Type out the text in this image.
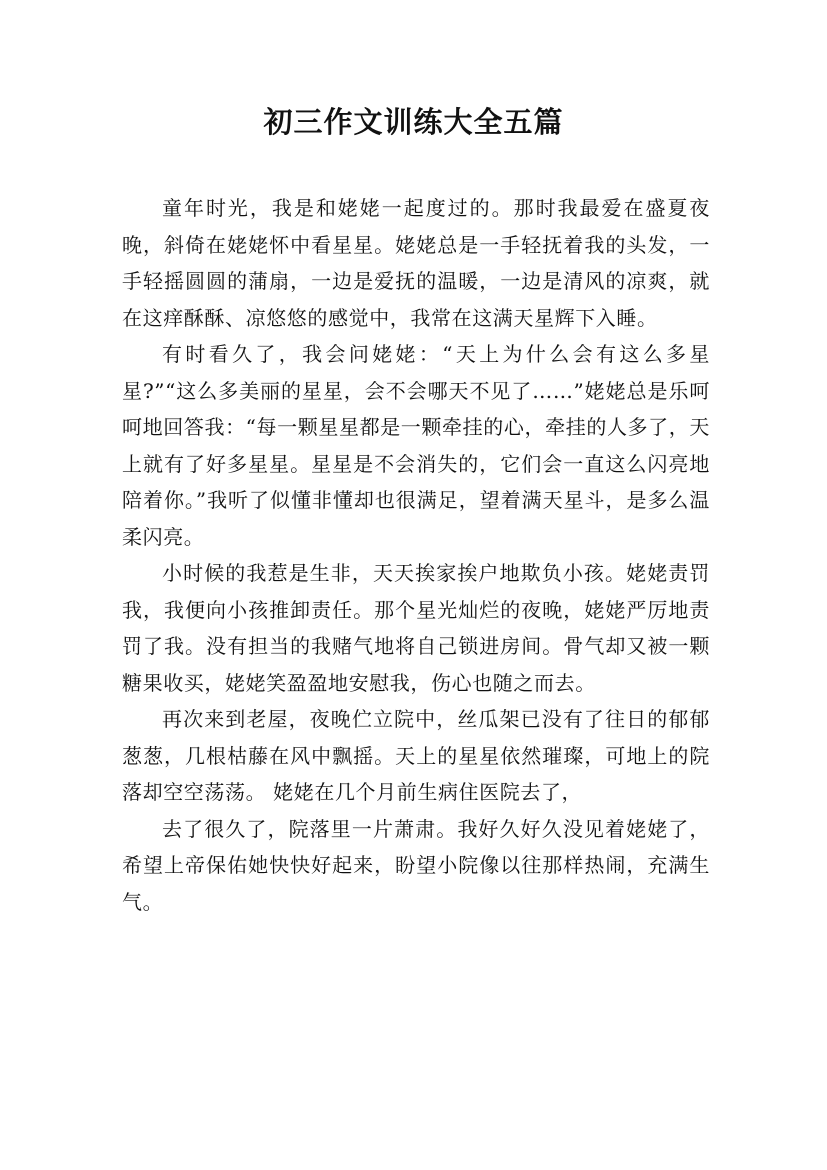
初三作文训练大全五篇

童年时光，我是和姥姥一起度过的。那时我最爱在盛夏夜晚，斜倚在姥姥怀中看星星。姥姥总是一手轻抚着我的头发，一手轻摇圆圆的蒲扇，一边是爱抚的温暖，一边是清风的凉爽，就在这痒酥酥、凉悠悠的感觉中，我常在这满天星辉下入睡。

有时看久了，我会问姥姥：“天上为什么会有这么多星星?”“这么多美丽的星星，会不会哪天不见了……”姥姥总是乐呵呵地回答我：“每一颗星星都是一颗牵挂的心，牵挂的人多了，天上就有了好多星星。星星是不会消失的，它们会一直这么闪亮地陪着你。”我听了似懂非懂却也很满足，望着满天星斗，是多么温柔闪亮。

小时候的我惹是生非，天天挨家挨户地欺负小孩。姥姥责罚我，我便向小孩推卸责任。那个星光灿烂的夜晚，姥姥严厉地责罚了我。没有担当的我赌气地将自己锁进房间。骨气却又被一颗糖果收买，姥姥笑盈盈地安慰我，伤心也随之而去。

再次来到老屋，夜晚伫立院中，丝瓜架已没有了往日的郁郁葱葱，几根枯藤在风中飘摇。天上的星星依然璀璨，可地上的院落却空空荡荡。 姥姥在几个月前生病住医院去了，

去了很久了，院落里一片萧肃。我好久好久没见着姥姥了，希望上帝保佑她快快好起来，盼望小院像以往那样热闹，充满生气。
